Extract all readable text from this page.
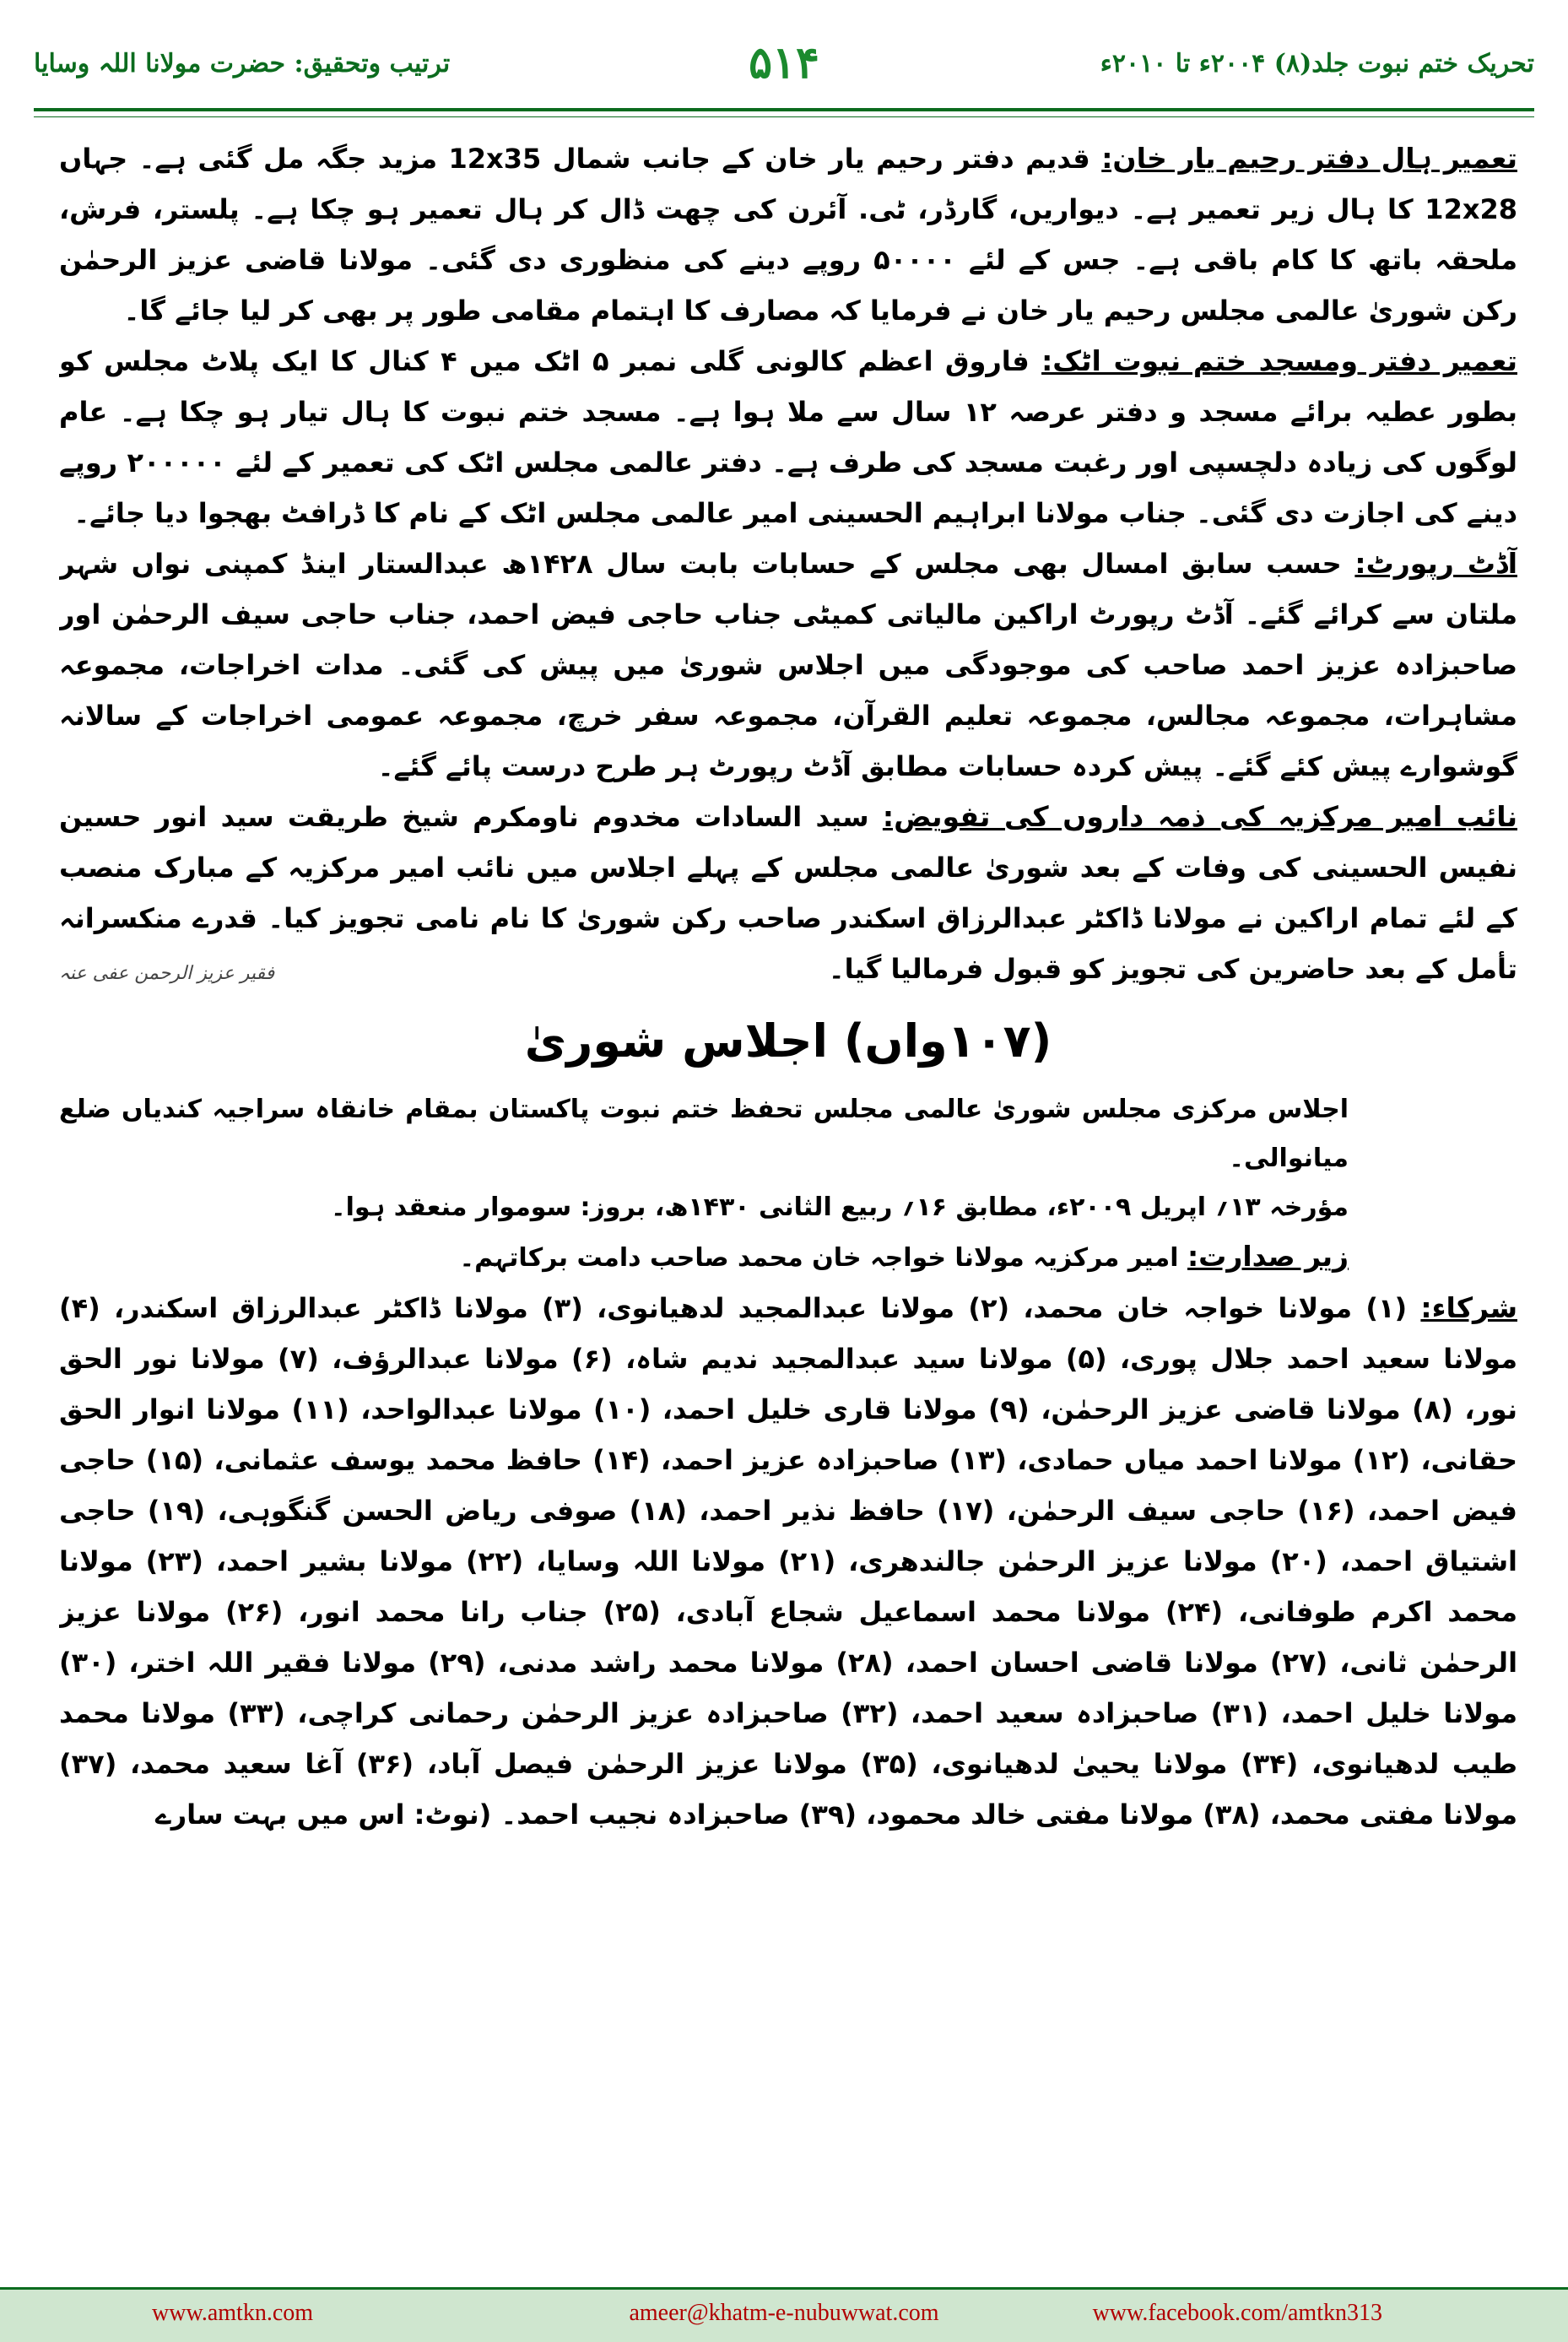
تحریک ختم نبوت جلد(۸) ۲۰۰۴ء تا ۲۰۱۰ء
۵۱۴
ترتیب وتحقیق: حضرت مولانا اللہ وسایا

تعمیر ہال دفتر رحیم یار خان: قدیم دفتر رحیم یار خان کے جانب شمال 12x35 مزید جگہ مل گئی ہے۔ جہاں 12x28 کا ہال زیر تعمیر ہے۔ دیواریں، گارڈر، ٹی. آئرن کی چھت ڈال کر ہال تعمیر ہو چکا ہے۔ پلستر، فرش، ملحقہ باتھ کا کام باقی ہے۔ جس کے لئے ۵۰۰۰۰ روپے دینے کی منظوری دی گئی۔ مولانا قاضی عزیز الرحمٰن رکن شوریٰ عالمی مجلس رحیم یار خان نے فرمایا کہ مصارف کا اہتمام مقامی طور پر بھی کر لیا جائے گا۔

تعمیر دفتر ومسجد ختم نبوت اٹک: فاروق اعظم کالونی گلی نمبر ۵ اٹک میں ۴ کنال کا ایک پلاٹ مجلس کو بطور عطیہ برائے مسجد و دفتر عرصہ ۱۲ سال سے ملا ہوا ہے۔ مسجد ختم نبوت کا ہال تیار ہو چکا ہے۔ عام لوگوں کی زیادہ دلچسپی اور رغبت مسجد کی طرف ہے۔ دفتر عالمی مجلس اٹک کی تعمیر کے لئے ۲۰۰۰۰۰ روپے دینے کی اجازت دی گئی۔ جناب مولانا ابراہیم الحسینی امیر عالمی مجلس اٹک کے نام کا ڈرافٹ بھجوا دیا جائے۔

آڈٹ رپورٹ: حسب سابق امسال بھی مجلس کے حسابات بابت سال ۱۴۲۸ھ عبدالستار اینڈ کمپنی نواں شہر ملتان سے کرائے گئے۔ آڈٹ رپورٹ اراکین مالیاتی کمیٹی جناب حاجی فیض احمد، جناب حاجی سیف الرحمٰن اور صاحبزادہ عزیز احمد صاحب کی موجودگی میں اجلاس شوریٰ میں پیش کی گئی۔ مدات اخراجات، مجموعہ مشاہرات، مجموعہ مجالس، مجموعہ تعلیم القرآن، مجموعہ سفر خرچ، مجموعہ عمومی اخراجات کے سالانہ گوشوارے پیش کئے گئے۔ پیش کردہ حسابات مطابق آڈٹ رپورٹ ہر طرح درست پائے گئے۔

نائب امیر مرکزیہ کی ذمہ داروں کی تفویض: سید السادات مخدوم ناومکرم شیخ طریقت سید انور حسین نفیس الحسینی کی وفات کے بعد شوریٰ عالمی مجلس کے پہلے اجلاس میں نائب امیر مرکزیہ کے مبارک منصب کے لئے تمام اراکین نے مولانا ڈاکٹر عبدالرزاق اسکندر صاحب رکن شوریٰ کا نام نامی تجویز کیا۔ قدرے منکسرانہ تأمل کے بعد حاضرین کی تجویز کو قبول فرمالیا گیا۔
فقیر عزیز الرحمن عفی عنہ

(۱۰۷واں) اجلاس شوریٰ

اجلاس مرکزی مجلس شوریٰ عالمی مجلس تحفظ ختم نبوت پاکستان بمقام خانقاہ سراجیہ کندیاں ضلع میانوالی۔

مؤرخہ ۱۳؍ اپریل ۲۰۰۹ء، مطابق ۱۶؍ ربیع الثانی ۱۴۳۰ھ، بروز: سوموار منعقد ہوا۔

زیر صدارت: امیر مرکزیہ مولانا خواجہ خان محمد صاحب دامت برکاتہم۔

شرکاء: (۱) مولانا خواجہ خان محمد، (۲) مولانا عبدالمجید لدھیانوی، (۳) مولانا ڈاکٹر عبدالرزاق اسکندر، (۴) مولانا سعید احمد جلال پوری، (۵) مولانا سید عبدالمجید ندیم شاہ، (۶) مولانا عبدالرؤف، (۷) مولانا نور الحق نور، (۸) مولانا قاضی عزیز الرحمٰن، (۹) مولانا قاری خلیل احمد، (۱۰) مولانا عبدالواحد، (۱۱) مولانا انوار الحق حقانی، (۱۲) مولانا احمد میاں حمادی، (۱۳) صاحبزادہ عزیز احمد، (۱۴) حافظ محمد یوسف عثمانی، (۱۵) حاجی فیض احمد، (۱۶) حاجی سیف الرحمٰن، (۱۷) حافظ نذیر احمد، (۱۸) صوفی ریاض الحسن گنگوہی، (۱۹) حاجی اشتیاق احمد، (۲۰) مولانا عزیز الرحمٰن جالندھری، (۲۱) مولانا اللہ وسایا، (۲۲) مولانا بشیر احمد، (۲۳) مولانا محمد اکرم طوفانی، (۲۴) مولانا محمد اسماعیل شجاع آبادی، (۲۵) جناب رانا محمد انور، (۲۶) مولانا عزیز الرحمٰن ثانی، (۲۷) مولانا قاضی احسان احمد، (۲۸) مولانا محمد راشد مدنی، (۲۹) مولانا فقیر اللہ اختر، (۳۰) مولانا خلیل احمد، (۳۱) صاحبزادہ سعید احمد، (۳۲) صاحبزادہ عزیز الرحمٰن رحمانی کراچی، (۳۳) مولانا محمد طیب لدھیانوی، (۳۴) مولانا یحییٰ لدھیانوی، (۳۵) مولانا عزیز الرحمٰن فیصل آباد، (۳۶) آغا سعید محمد، (۳۷) مولانا مفتی محمد، (۳۸) مولانا مفتی خالد محمود، (۳۹) صاحبزادہ نجیب احمد۔ (نوٹ: اس میں بہت سارے

www.amtkn.com	ameer@khatm-e-nubuwwat.com	www.facebook.com/amtkn313
